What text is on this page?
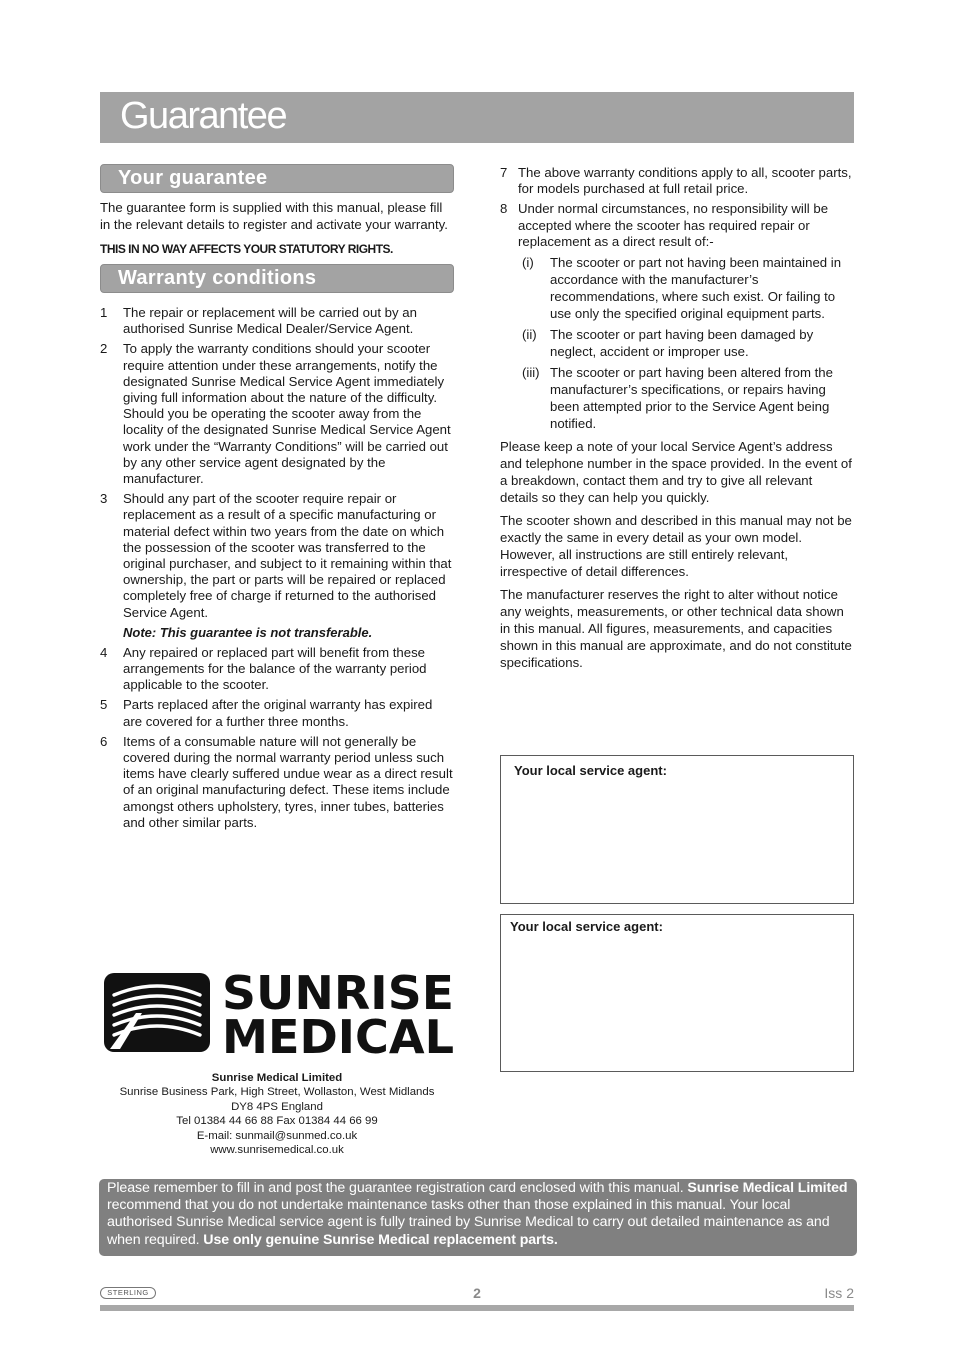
Guarantee
Your guarantee

The guarantee form is supplied with this manual, please fill in the relevant details to register and activate your warranty.

THIS IN NO WAY AFFECTS YOUR STATUTORY RIGHTS.

Warranty conditions
1	The repair or replacement will be carried out by an authorised Sunrise Medical Dealer/Service Agent.
2	To apply the warranty conditions should your scooter require attention under these arrangements, notify the designated Sunrise Medical Service Agent immediately giving full information about the nature of the difficulty. Should you be operating the scooter away from the locality of the designated Sunrise Medical Service Agent work under the “Warranty Conditions” will be carried out by any other service agent designated by the manufacturer.
3	Should any part of the scooter require repair or replacement as a result of a specific manufacturing or material defect within two years from the date on which the possession of the scooter was transferred to the original purchaser, and subject to it remaining within that ownership, the part or parts will be repaired or replaced completely free of charge if returned to the authorised Service Agent.
Note: This guarantee is not transferable.
4	Any repaired or replaced part will benefit from these arrangements for the balance of the warranty period applicable to the scooter.
5	Parts replaced after the original warranty has expired are covered for a further three months.
6	Items of a consumable nature will not generally be covered during the normal warranty period unless such items have clearly suffered undue wear as a direct result of an original manufacturing defect. These items include amongst others upholstery, tyres, inner tubes, batteries and other similar parts.
7 The above warranty conditions apply to all, scooter parts, for models purchased at full retail price.
8 Under normal circumstances, no responsibility will be accepted where the scooter has required repair or replacement as a direct result of:-
(i)	The scooter or part not having been maintained in accordance with the manufacturer’s recommendations, where such exist. Or failing to use only the specified original equipment parts.
(ii)	The scooter or part having been damaged by neglect, accident or improper use.
(iii) The scooter or part having been altered from the manufacturer’s specifications, or repairs having been attempted prior to the Service Agent being notified.

Please keep a note of your local Service Agent’s address and telephone number in the space provided. In the event of a breakdown, contact them and try to give all relevant details so they can help you quickly.

The scooter shown and described in this manual may not be exactly the same in every detail as your own model. However, all instructions are still entirely relevant, irrespective of detail differences.

The manufacturer reserves the right to alter without notice any weights, measurements, or other technical data shown in this manual. All figures, measurements, and capacities shown in this manual are approximate, and do not constitute specifications.

Your local service agent:
Your local service agent:
SUNRISE
MEDICAL
Sunrise Medical Limited
Sunrise Business Park, High Street, Wollaston, West Midlands
DY8 4PS England
Tel 01384 44 66 88 Fax 01384 44 66 99
E-mail: sunmail@sunmed.co.uk
www.sunrisemedical.co.uk
Please remember to fill in and post the guarantee registration card enclosed with this manual. Sunrise Medical Limited recommend that you do not undertake maintenance tasks other than those explained in this manual. Your local authorised Sunrise Medical service agent is fully trained by Sunrise Medical to carry out detailed maintenance as and when required. Use only genuine Sunrise Medical replacement parts.
STERLING	2	Iss 2
